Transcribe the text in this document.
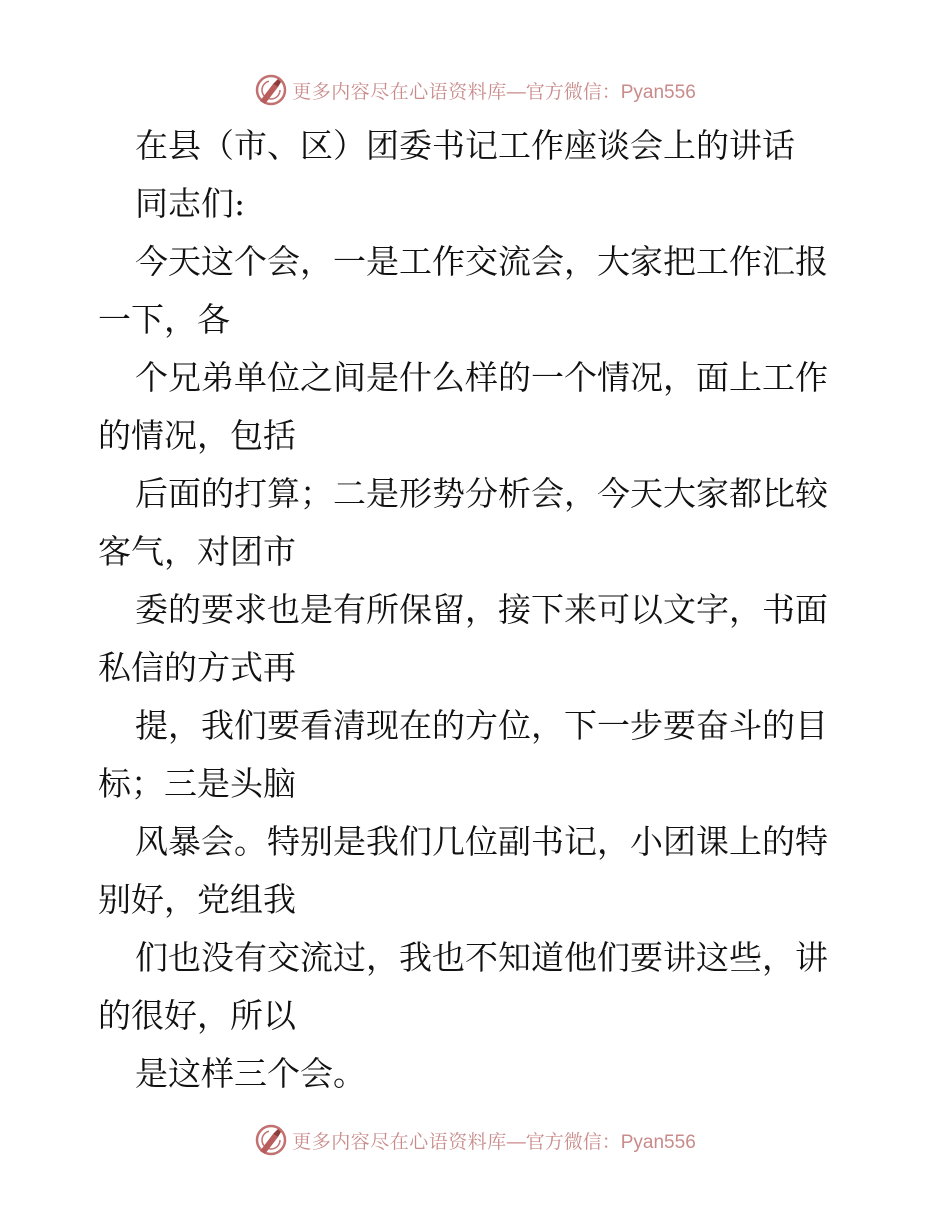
更多内容尽在心语资料库 —官方微信：Pyan556
在县（市、区）团委书记工作座谈会上的讲话
同志们:
今天这个会，一是工作交流会，大家把工作汇报
一下，各
个兄弟单位之间是什么样的一个情况，面上工作
的情况，包括
后面的打算；二是形势分析会，今天大家都比较
客气，对团市
委的要求也是有所保留，接下来可以文字，书面
私信的方式再
提，我们要看清现在的方位，下一步要奋斗的目
标；三是头脑
风暴会。特别是我们几位副书记，小团课上的特
别好，党组我
们也没有交流过，我也不知道他们要讲这些，讲
的很好，所以
是这样三个会。
更多内容尽在心语资料库 —官方微信：Pyan556
